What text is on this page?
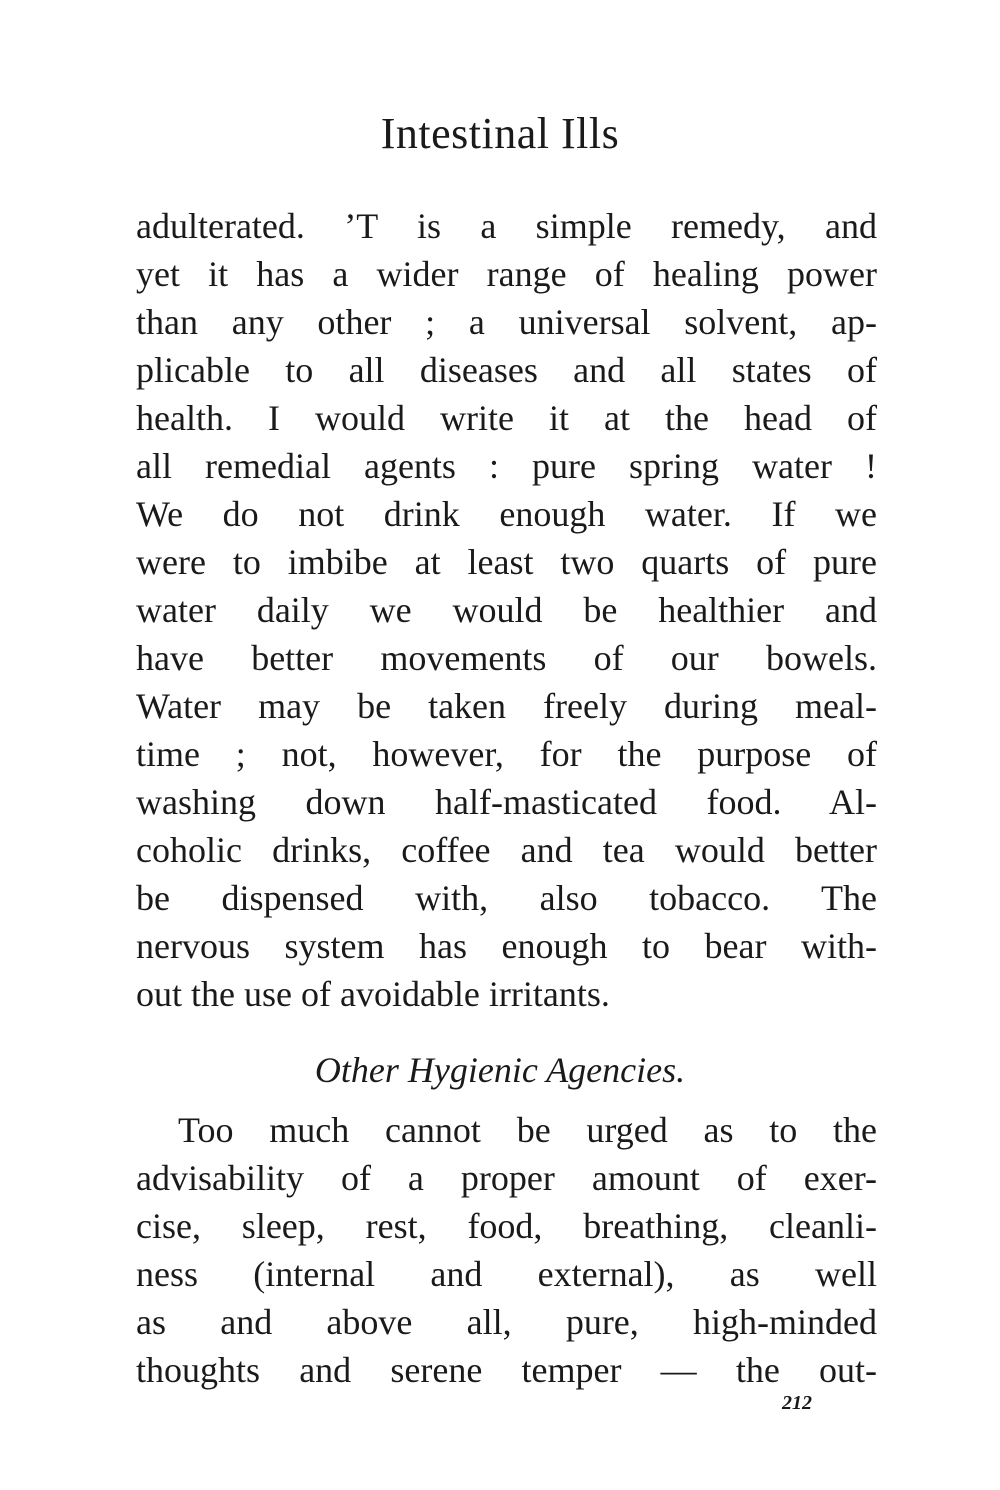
Intestinal Ills
adulterated. ’T is a simple remedy, and
yet it has a wider range of healing power
than any other ; a universal solvent, ap-
plicable to all diseases and all states of
health. I would write it at the head of
all remedial agents : pure spring water !
We do not drink enough water. If we
were to imbibe at least two quarts of pure
water daily we would be healthier and
have better movements of our bowels.
Water may be taken freely during meal-
time ; not, however, for the purpose of
washing down half-masticated food. Al-
coholic drinks, coffee and tea would better
be dispensed with, also tobacco. The
nervous system has enough to bear with-
out the use of avoidable irritants.
Other Hygienic Agencies.
Too much cannot be urged as to the
advisability of a proper amount of exer-
cise, sleep, rest, food, breathing, cleanli-
ness (internal and external), as well
as and above all, pure, high-minded
thoughts and serene temper — the out-
212
